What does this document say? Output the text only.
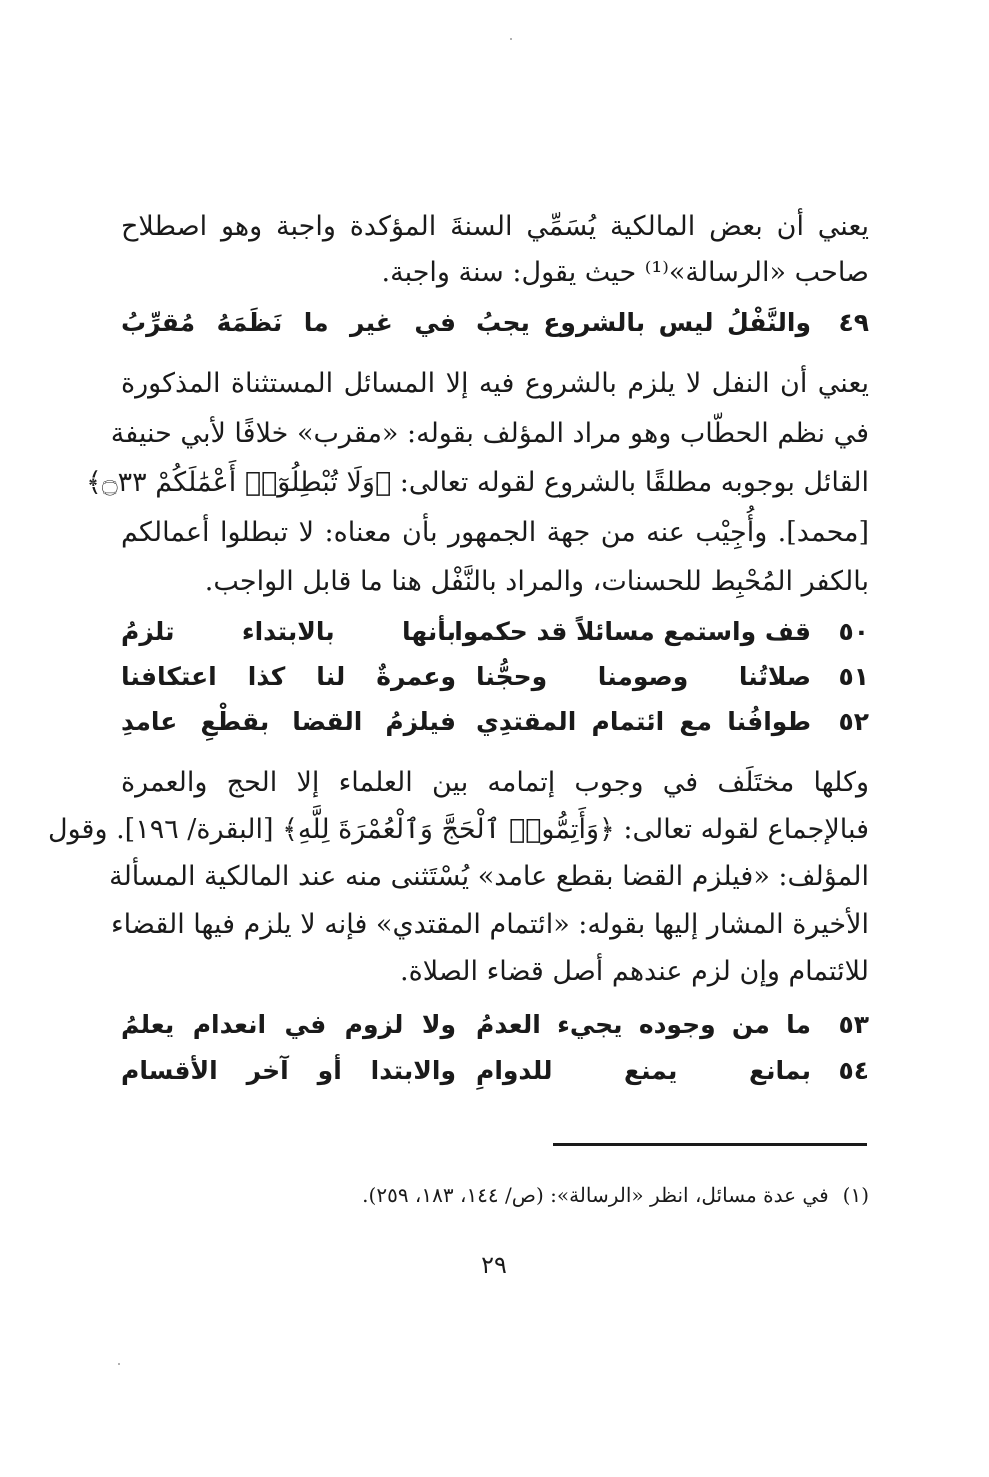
يعني أن بعض المالكية يُسَمِّي السنةَ المؤكدة واجبة وهو اصطلاح
صاحب «الرسالة»⁽¹⁾ حيث يقول: سنة واجبة.
٤٩
والنَّفْلُ ليس بالشروع يجبُ
في غير ما نَظَمَهُ مُقرِّبُ
يعني أن النفل لا يلزم بالشروع فيه إلا المسائل المستثناة المذكورة
في نظم الحطّاب وهو مراد المؤلف بقوله: «مقرب» خلافًا لأبي حنيفة
القائل بوجوبه مطلقًا بالشروع لقوله تعالى: ﴿وَلَا تُبْطِلُوٓا۟ أَعْمَٰلَكُمْ ۝٣٣﴾
[محمد]. وأُجِيْب عنه من جهة الجمهور بأن معناه: لا تبطلوا أعمالكم
بالكفر المُحْبِط للحسنات، والمراد بالنَّفْل هنا ما قابل الواجب.
٥٠
قف واستمع مسائلاً قد حكموا
بأنها بالابتداء تلزمُ
٥١
صلاتُنا وصومنا وحجُّنا
وعمرةٌ لنا كذا اعتكافنا
٥٢
طوافُنا مع ائتمام المقتدِي
فيلزمُ القضا بقطْعِ عامدِ
وكلها مختَلَف في وجوب إتمامه بين العلماء إلا الحج والعمرة
فبالإجماع لقوله تعالى: ﴿وَأَتِمُّوا۟ ٱلْحَجَّ وَٱلْعُمْرَةَ لِلَّهِ﴾ [البقرة/ ١٩٦]. وقول
المؤلف: «فيلزم القضا بقطع عامد» يُسْتَثنى منه عند المالكية المسألة
الأخيرة المشار إليها بقوله: «ائتمام المقتدي» فإنه لا يلزم فيها القضاء
للائتمام وإن لزم عندهم أصل قضاء الصلاة.
٥٣
ما من وجوده يجيء العدمُ
ولا لزوم في انعدام يعلمُ
٥٤
بمانع يمنع للدوامِ
والابتدا أو آخر الأقسام
(١)في عدة مسائل، انظر «الرسالة»: (ص/ ١٤٤، ١٨٣، ٢٥٩).
٢٩
